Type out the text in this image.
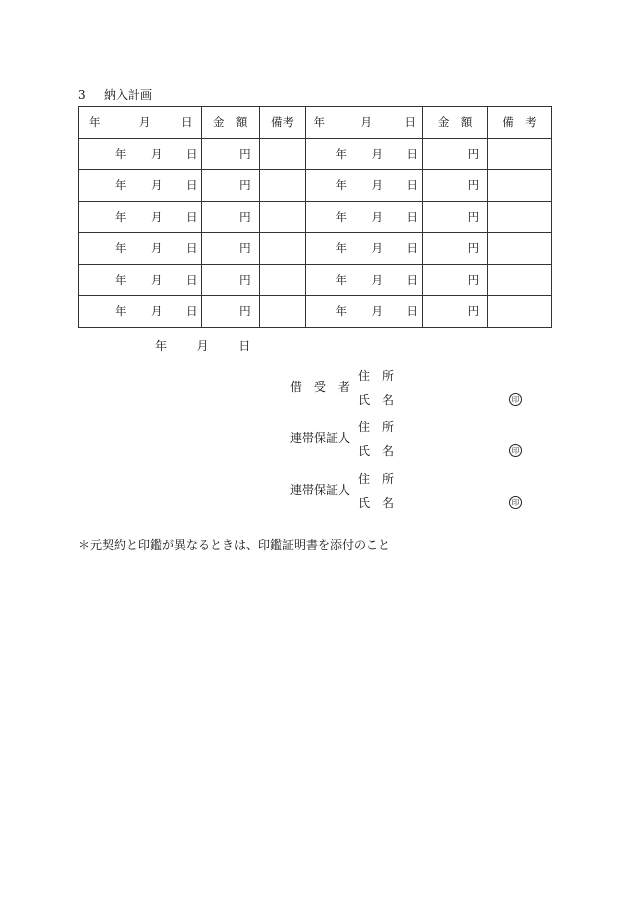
3 納入計画
年 月 日	金　額	備考	年 月 日	金　額	備　考

年 月 日	円		年 月 日	円	

年 月 日	円		年 月 日	円	

年 月 日	円		年 月 日	円	

年 月 日	円		年 月 日	円	

年 月 日	円		年 月 日	円	

年 月 日	円		年 月 日	円	
年 月 日
借　受　者
住　所
氏　名	印
連帯保証人
住　所
氏　名	印
連帯保証人
住　所
氏　名	印
＊元契約と印鑑が異なるときは、印鑑証明書を添付のこと
